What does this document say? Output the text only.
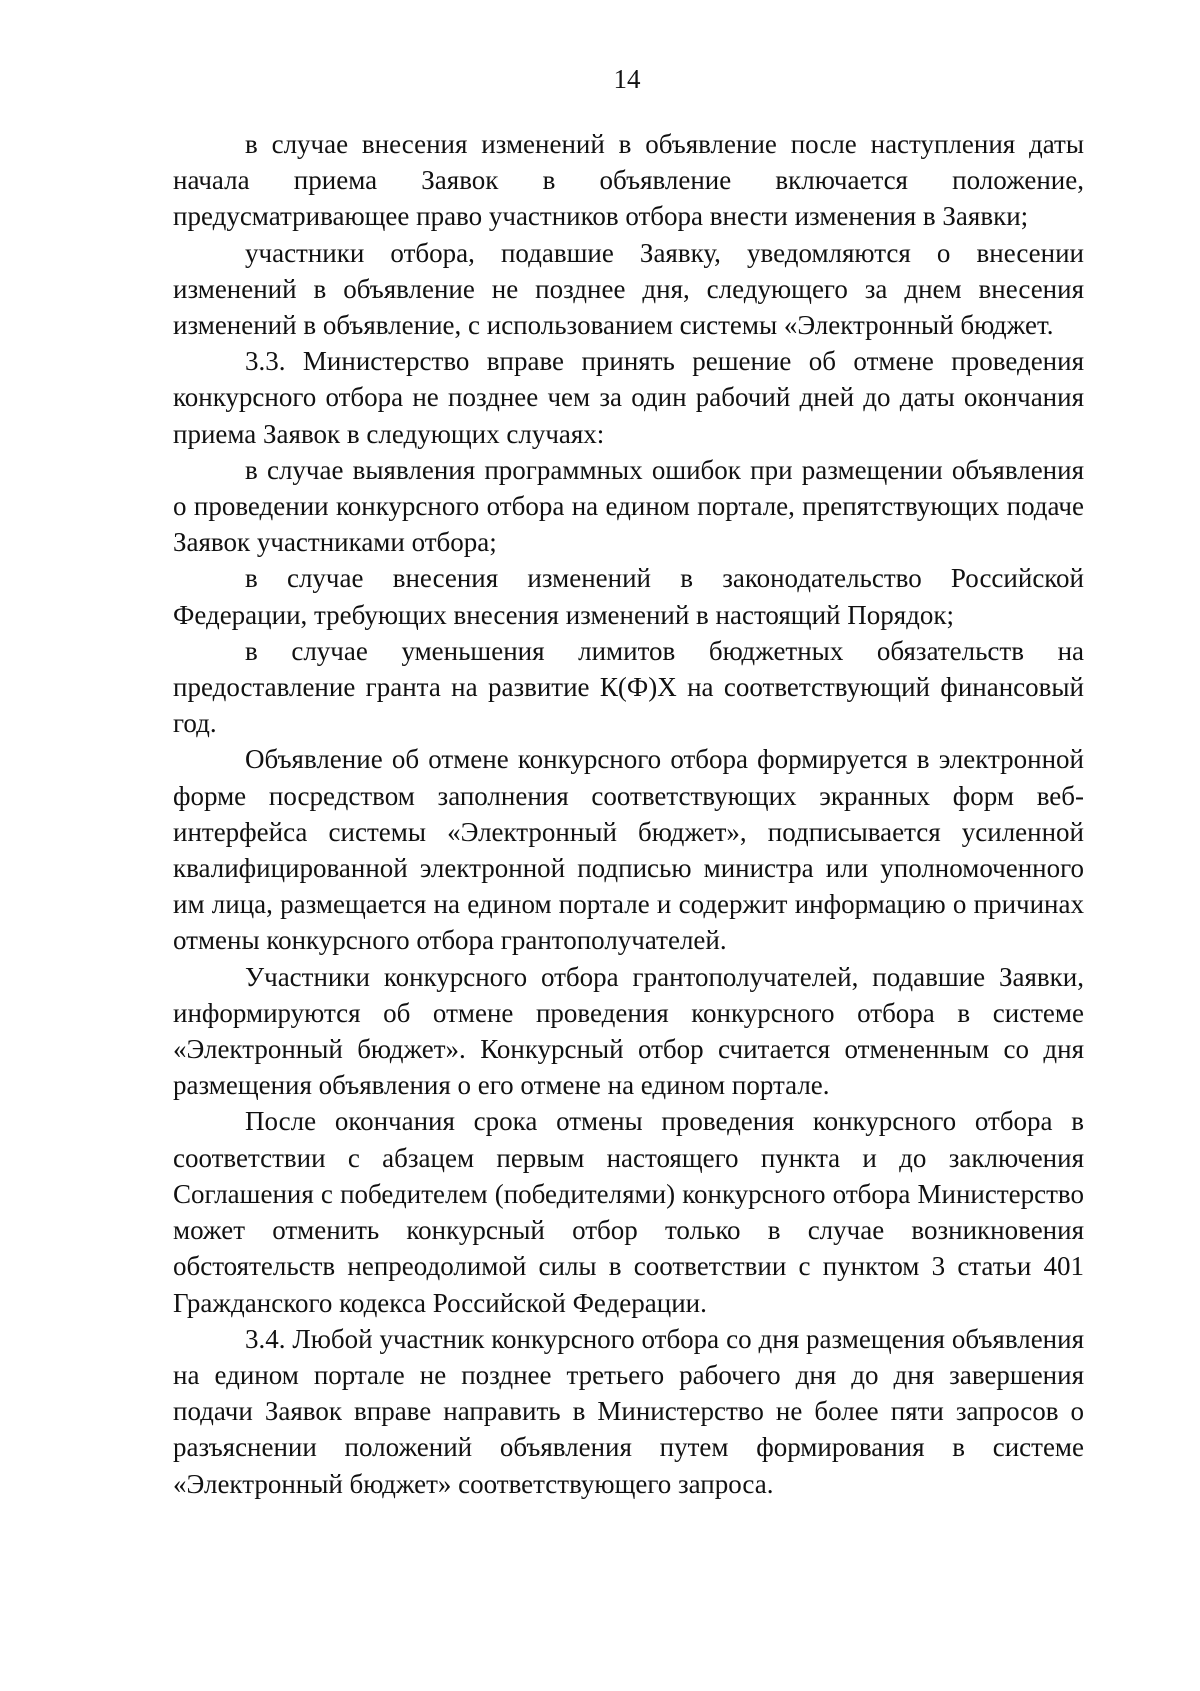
14

в случае внесения изменений в объявление после наступления даты начала приема Заявок в объявление включается положение, предусматривающее право участников отбора внести изменения в Заявки;

участники отбора, подавшие Заявку, уведомляются о внесении изменений в объявление не позднее дня, следующего за днем внесения изменений в объявление, с использованием системы «Электронный бюджет.

3.3. Министерство вправе принять решение об отмене проведения конкурсного отбора не позднее чем за один рабочий дней до даты окончания приема Заявок в следующих случаях:

в случае выявления программных ошибок при размещении объявления о проведении конкурсного отбора на едином портале, препятствующих подаче Заявок участниками отбора;

в случае внесения изменений в законодательство Российской Федерации, требующих внесения изменений в настоящий Порядок;

в случае уменьшения лимитов бюджетных обязательств на предоставление гранта на развитие К(Ф)Х на соответствующий финансовый год.

Объявление об отмене конкурсного отбора формируется в электронной форме посредством заполнения соответствующих экранных форм веб-интерфейса системы «Электронный бюджет», подписывается усиленной квалифицированной электронной подписью министра или уполномоченного им лица, размещается на едином портале и содержит информацию о причинах отмены конкурсного отбора грантополучателей.

Участники конкурсного отбора грантополучателей, подавшие Заявки, информируются об отмене проведения конкурсного отбора в системе «Электронный бюджет». Конкурсный отбор считается отмененным со дня размещения объявления о его отмене на едином портале.

После окончания срока отмены проведения конкурсного отбора в соответствии с абзацем первым настоящего пункта и до заключения Соглашения с победителем (победителями) конкурсного отбора Министерство может отменить конкурсный отбор только в случае возникновения обстоятельств непреодолимой силы в соответствии с пунктом 3 статьи 401 Гражданского кодекса Российской Федерации.

3.4. Любой участник конкурсного отбора со дня размещения объявления на едином портале не позднее третьего рабочего дня до дня завершения подачи Заявок вправе направить в Министерство не более пяти запросов о разъяснении положений объявления путем формирования в системе «Электронный бюджет» соответствующего запроса.
